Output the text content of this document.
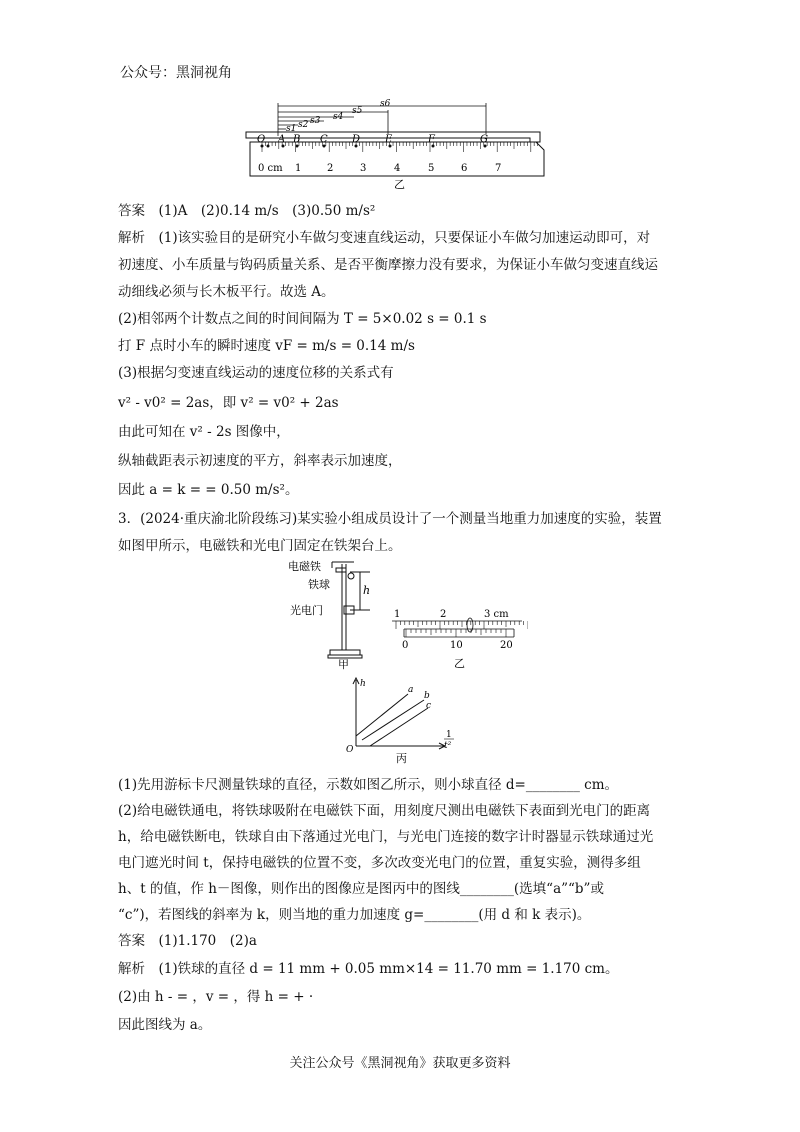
公众号：黑洞视角
s6
s5
s4
s3
s2
s1
O A B C D E	F	G
0 cm 1	2	3	4	5	6	7
乙
答案　(1)A　(2)0.14 m/s　(3)0.50 m/s²
解析　(1)该实验目的是研究小车做匀变速直线运动，只要保证小车做匀加速运动即可，对
初速度、小车质量与钩码质量关系、是否平衡摩擦力没有要求，为保证小车做匀变速直线运
动细线必须与长木板平行。故选 A。
(2)相邻两个计数点之间的时间间隔为 T = 5×0.02 s = 0.1 s
打 F 点时小车的瞬时速度 vF = m/s = 0.14 m/s
(3)根据匀变速直线运动的速度位移的关系式有
v² - v0² = 2as，即 v² = v0² + 2as
由此可知在 v² - 2s 图像中，
纵轴截距表示初速度的平方，斜率表示加速度，
因此 a = k = = 0.50 m/s²。
3．(2024·重庆渝北阶段练习)某实验小组成员设计了一个测量当地重力加速度的实验，装置
如图甲所示，电磁铁和光电门固定在铁架台上。
电磁铁
铁球
光电门
h
甲
1	2	3 cm
0	10	20
乙
h
1
t²
O
a
b
c
丙
(1)先用游标卡尺测量铁球的直径，示数如图乙所示，则小球直径 d=________ cm。
(2)给电磁铁通电，将铁球吸附在电磁铁下面，用刻度尺测出电磁铁下表面到光电门的距离
h，给电磁铁断电，铁球自由下落通过光电门，与光电门连接的数字计时器显示铁球通过光
电门遮光时间 t，保持电磁铁的位置不变，多次改变光电门的位置，重复实验，测得多组
h、t 的值，作 h－图像，则作出的图像应是图丙中的图线________(选填“a”“b”或
“c”)，若图线的斜率为 k，则当地的重力加速度 g=________(用 d 和 k 表示)。
答案　(1)1.170　(2)a
解析　(1)铁球的直径 d = 11 mm + 0.05 mm×14 = 11.70 mm = 1.170 cm。
(2)由 h - = ，v = ，得 h = + ·
因此图线为 a。
关注公众号《黑洞视角》获取更多资料
